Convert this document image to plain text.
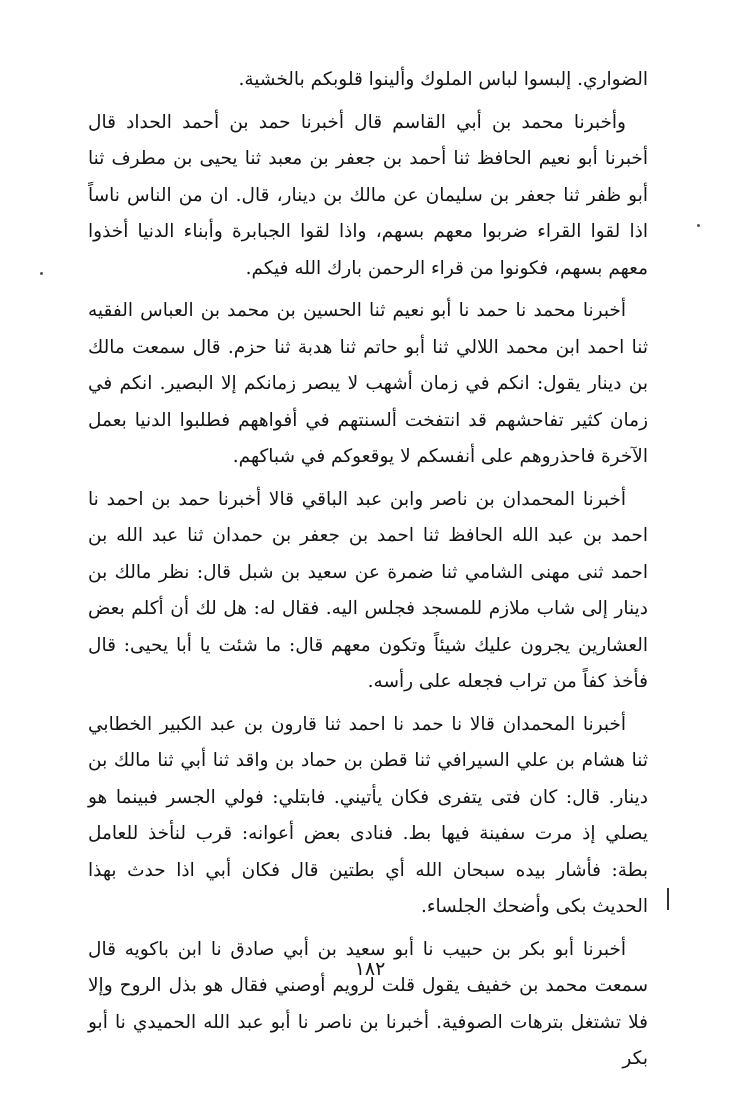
الضواري. إلبسوا لباس الملوك وألينوا قلوبكم بالخشية.

وأخبرنا محمد بن أبي القاسم قال أخبرنا حمد بن أحمد الحداد قال أخبرنا أبو نعيم الحافظ ثنا أحمد بن جعفر بن معبد ثنا يحيى بن مطرف ثنا أبو ظفر ثنا جعفر بن سليمان عن مالك بن دينار، قال. ان من الناس ناساً اذا لقوا القراء ضربوا معهم بسهم، واذا لقوا الجبابرة وأبناء الدنيا أخذوا معهم بسهم، فكونوا من قراء الرحمن بارك الله فيكم.

أخبرنا محمد نا حمد نا أبو نعيم ثنا الحسين بن محمد بن العباس الفقيه ثنا احمد ابن محمد اللالي ثنا أبو حاتم ثنا هدبة ثنا حزم. قال سمعت مالك بن دينار يقول: انكم في زمان أشهب لا يبصر زمانكم إلا البصير. انكم في زمان كثير تفاحشهم قد انتفخت ألسنتهم في أفواههم فطلبوا الدنيا بعمل الآخرة فاحذروهم على أنفسكم لا يوقعوكم في شباكهم.

أخبرنا المحمدان بن ناصر وابن عبد الباقي قالا أخبرنا حمد بن احمد نا احمد بن عبد الله الحافظ ثنا احمد بن جعفر بن حمدان ثنا عبد الله بن احمد ثنى مهنى الشامي ثنا ضمرة عن سعيد بن شبل قال: نظر مالك بن دينار إلى شاب ملازم للمسجد فجلس اليه. فقال له: هل لك أن أكلم بعض العشارين يجرون عليك شيئاً وتكون معهم قال: ما شئت يا أبا يحيى: قال فأخذ كفاً من تراب فجعله على رأسه.

أخبرنا المحمدان قالا نا حمد نا احمد ثنا قارون بن عبد الكبير الخطابي ثنا هشام بن علي السيرافي ثنا قطن بن حماد بن واقد ثنا أبي ثنا مالك بن دينار. قال: كان فتى يتفرى فكان يأتيني. فابتلي: فولي الجسر فبينما هو يصلي إذ مرت سفينة فيها بط. فنادى بعض أعوانه: قرب لنأخذ للعامل بطة: فأشار بيده سبحان الله أي بطتين قال فكان أبي اذا حدث بهذا الحديث بكى وأضحك الجلساء.

أخبرنا أبو بكر بن حبيب نا أبو سعيد بن أبي صادق نا ابن باكويه قال سمعت محمد بن خفيف يقول قلت لرويم أوصني فقال هو بذل الروح وإلا فلا تشتغل بترهات الصوفية. أخبرنا بن ناصر نا أبو عبد الله الحميدي نا أبو بكر

١٨٢
